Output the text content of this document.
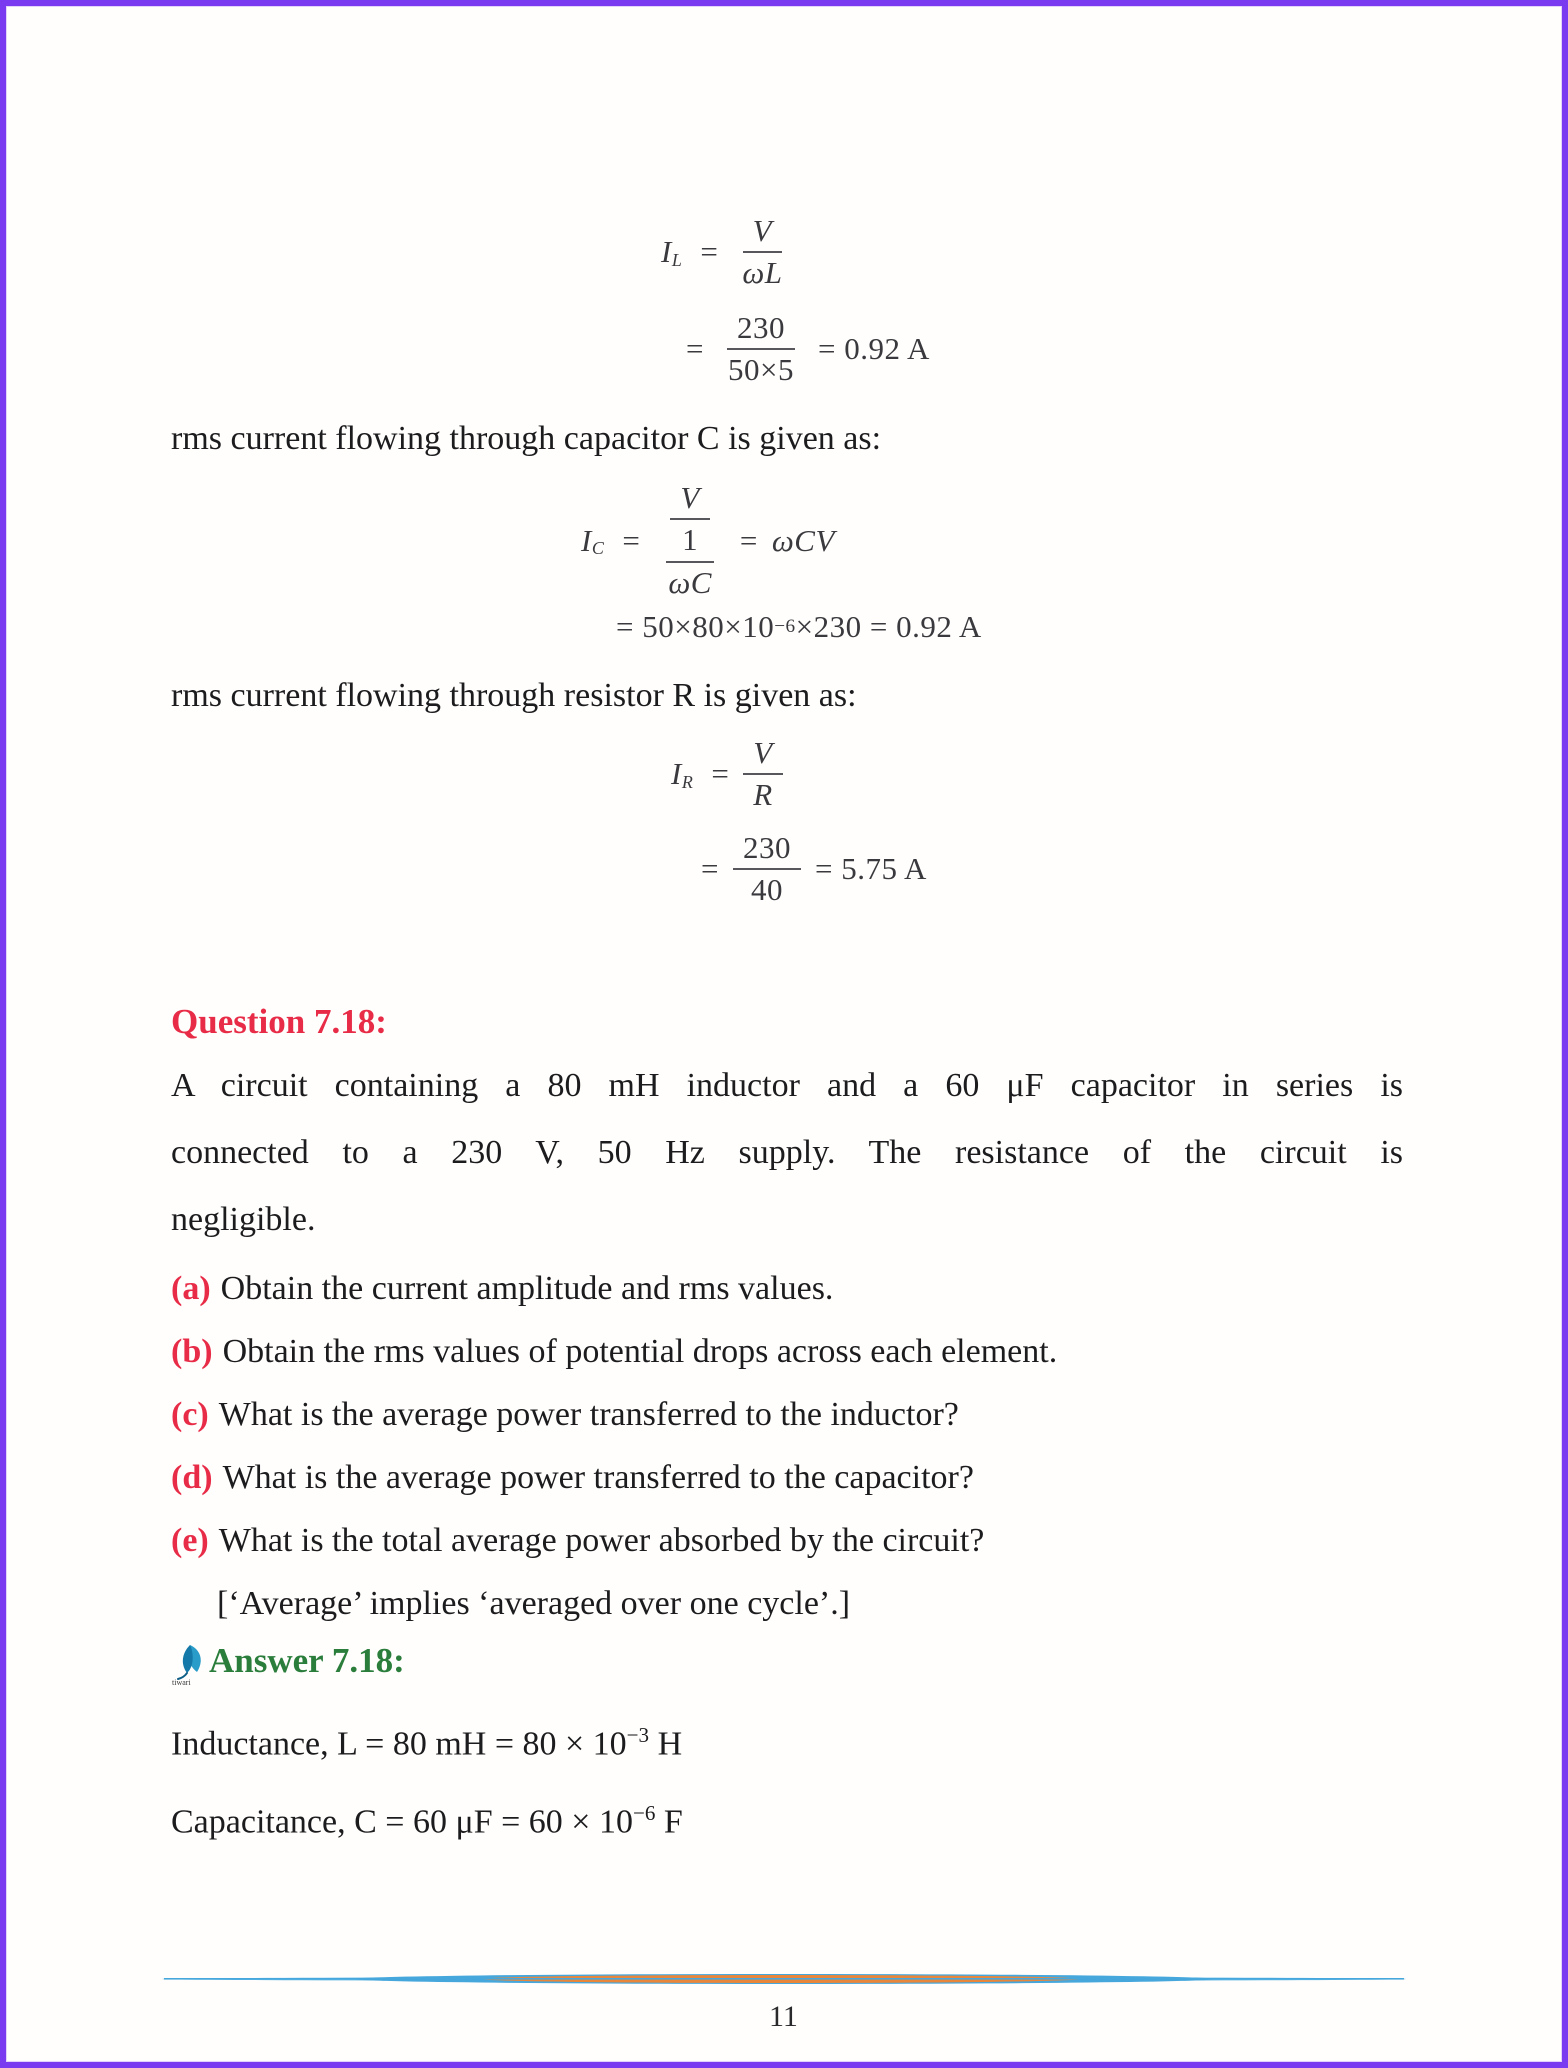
I $L = \frac{V}{\omega L}$
= $\frac{230}{50\times 5} = 0.92$ A
rms current flowing through capacitor C is given as:
I $C = \frac{V}{\frac{1}{\omega C}} = \omega CV$
= 50×80×10 −6 ×230 = 0.92 A
rms current flowing through resistor R is given as:
I $R = \frac{V}{R}$
= $\frac{230}{40} = 5.75$ A
Question 7.18:
A circuit containing a 80 mH inductor and a 60 μF capacitor in series is
connected to a 230 V, 50 Hz supply. The resistance of the circuit is
negligible.
(a) Obtain the current amplitude and rms values.
(b) Obtain the rms values of potential drops across each element.
(c) What is the average power transferred to the inductor?
(d) What is the average power transferred to the capacitor?
(e) What is the total average power absorbed by the circuit?
[‘Average’ implies ‘averaged over one cycle’.]
tiwari
Answer 7.18:
Inductance, L = 80 mH = $80 \times 10^{-3}$ H
Capacitance, C = 60 $\mu F = 60 \times 10^{-6}$ F
11
